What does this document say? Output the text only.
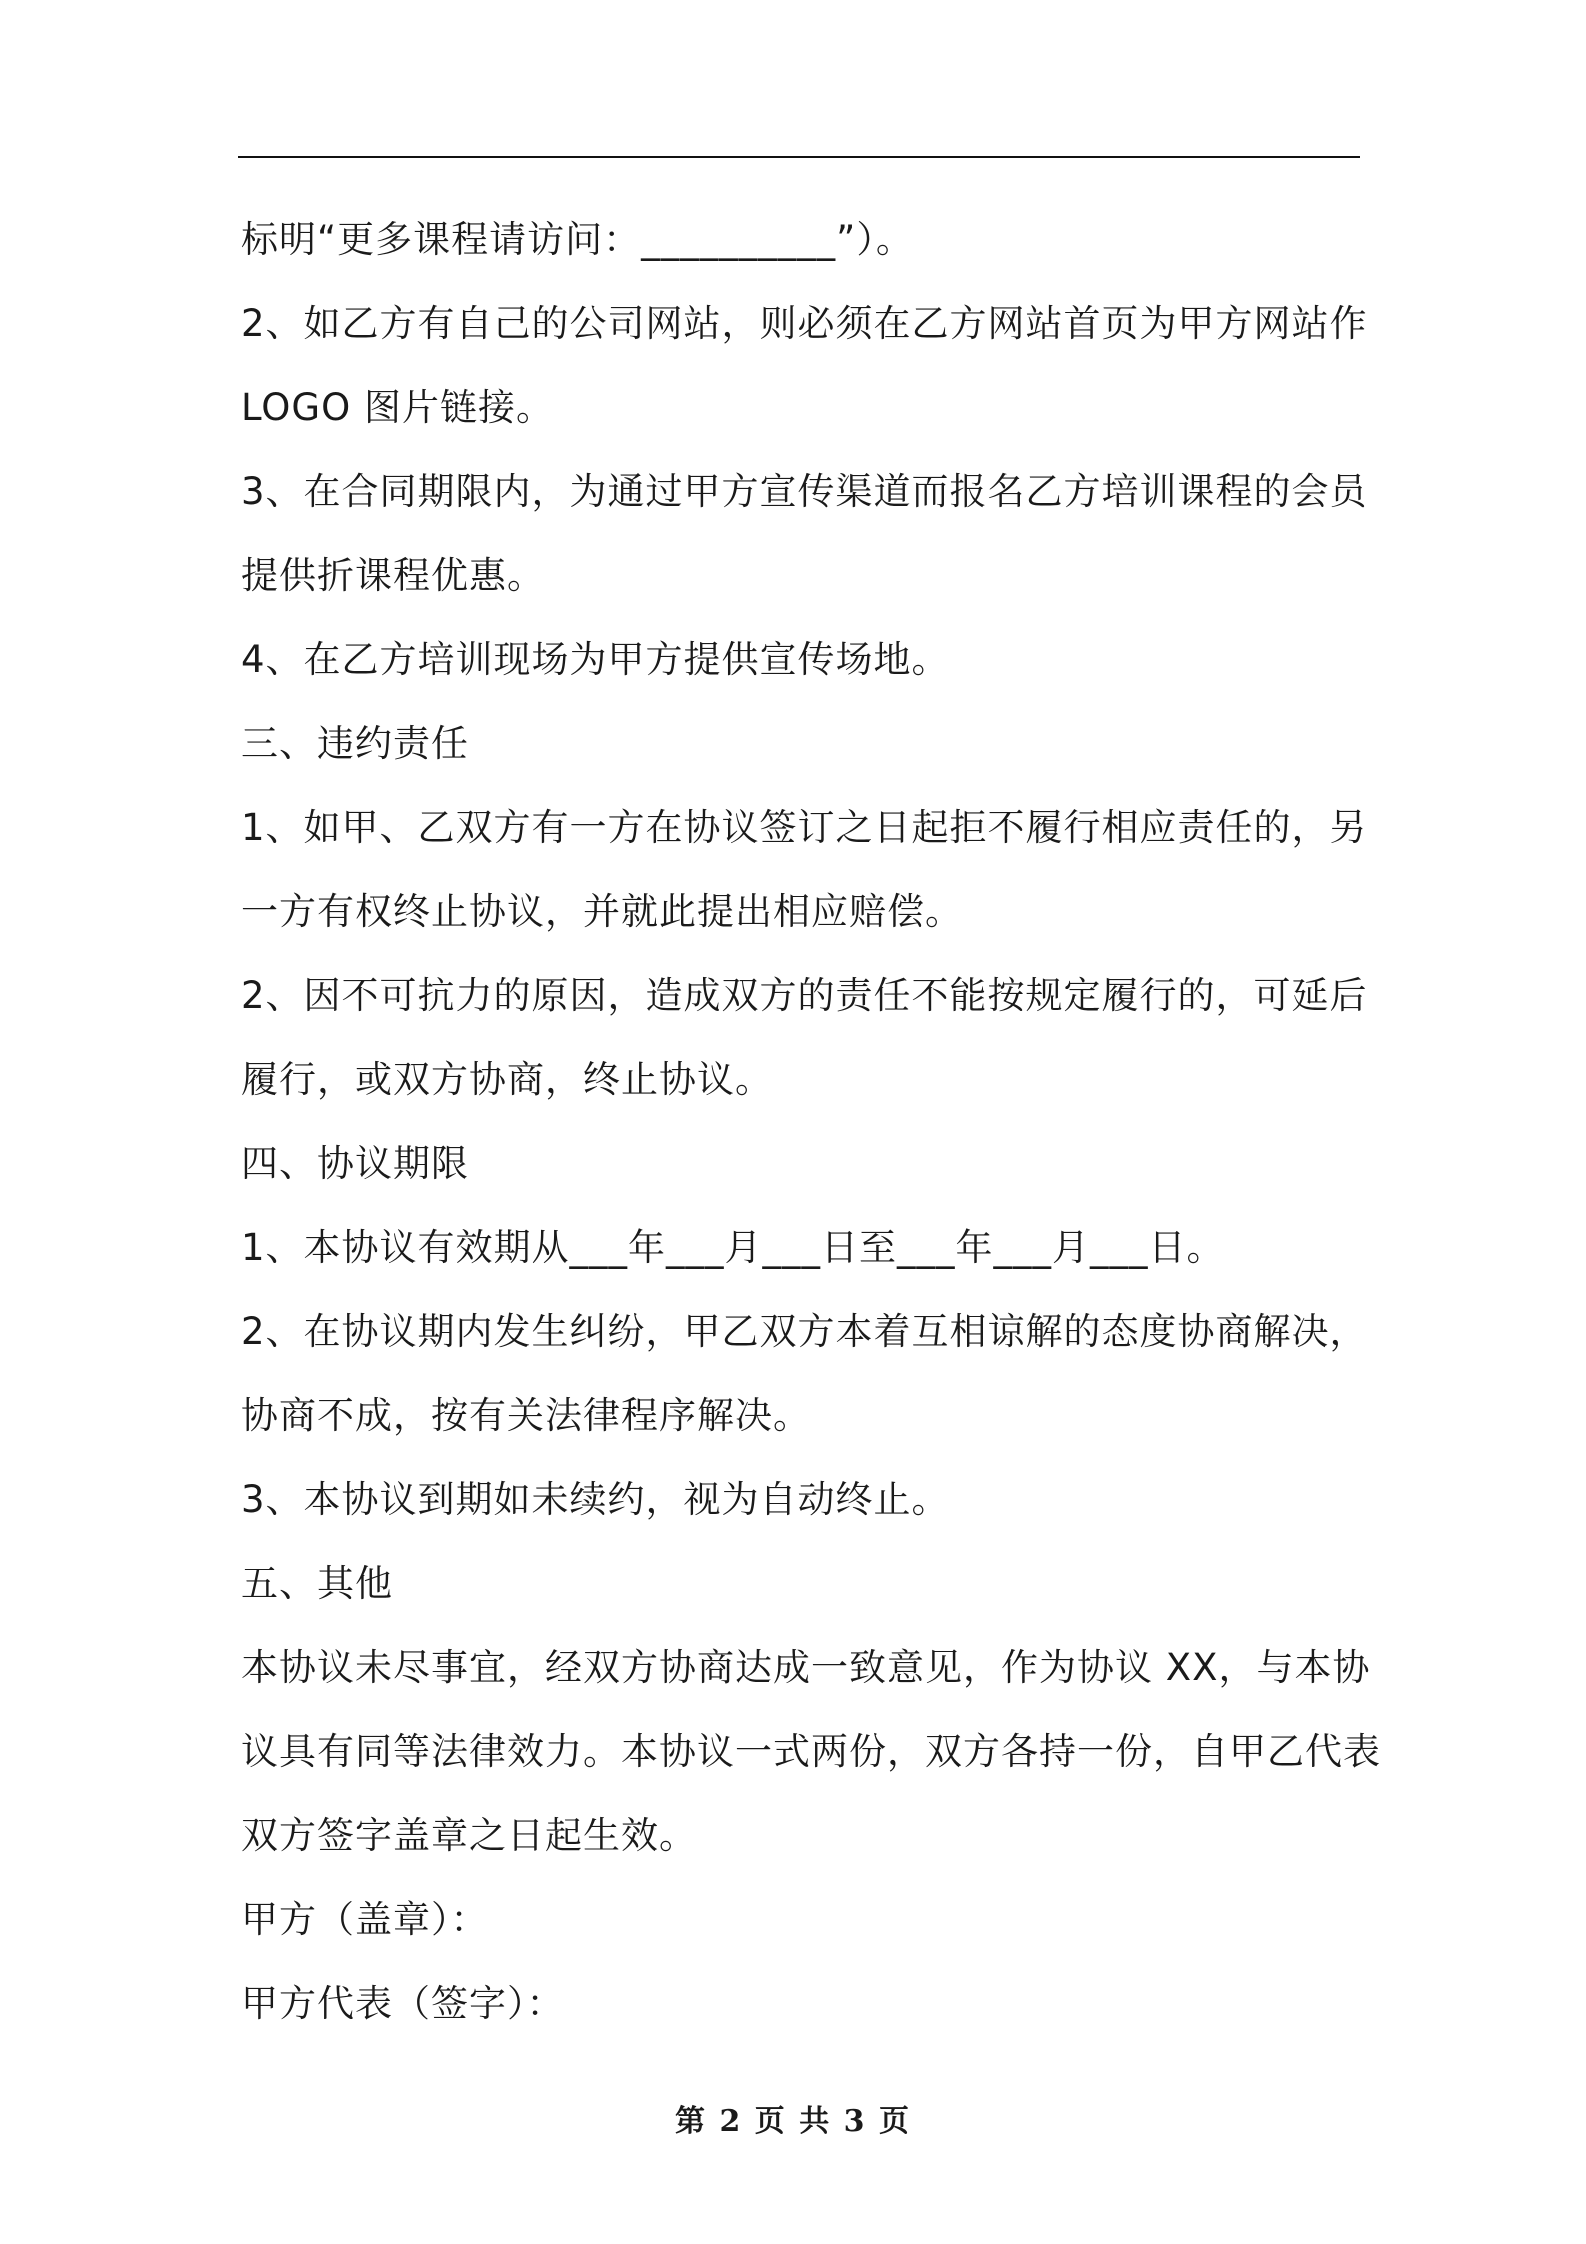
标明“更多课程请访问：__________”）。
2、如乙方有自己的公司网站，则必须在乙方网站首页为甲方网站作
LOGO 图片链接。
3、在合同期限内，为通过甲方宣传渠道而报名乙方培训课程的会员
提供折课程优惠。
4、在乙方培训现场为甲方提供宣传场地。
三、违约责任
1、如甲、乙双方有一方在协议签订之日起拒不履行相应责任的，另
一方有权终止协议，并就此提出相应赔偿。
2、因不可抗力的原因，造成双方的责任不能按规定履行的，可延后
履行，或双方协商，终止协议。
四、协议期限
1、本协议有效期从___年___月___日至___年___月___日。
2、在协议期内发生纠纷，甲乙双方本着互相谅解的态度协商解决，
协商不成，按有关法律程序解决。
3、本协议到期如未续约，视为自动终止。
五、其他
本协议未尽事宜，经双方协商达成一致意见，作为协议 XX，与本协
议具有同等法律效力。本协议一式两份，双方各持一份，自甲乙代表
双方签字盖章之日起生效。
甲方（盖章）：
甲方代表（签字）：
第 2 页 共 3 页
